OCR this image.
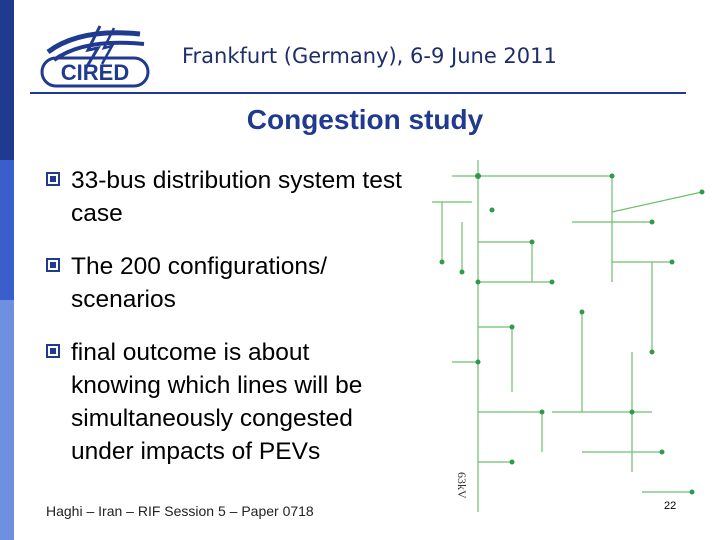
CIRED
Frankfurt (Germany), 6-9 June 2011
Congestion study
33-bus distribution system test case
The 200 configurations/ scenarios
final outcome is about knowing which lines will be simultaneously congested under impacts of PEVs
63kV
Haghi – Iran – RIF Session 5 – Paper 0718	22
